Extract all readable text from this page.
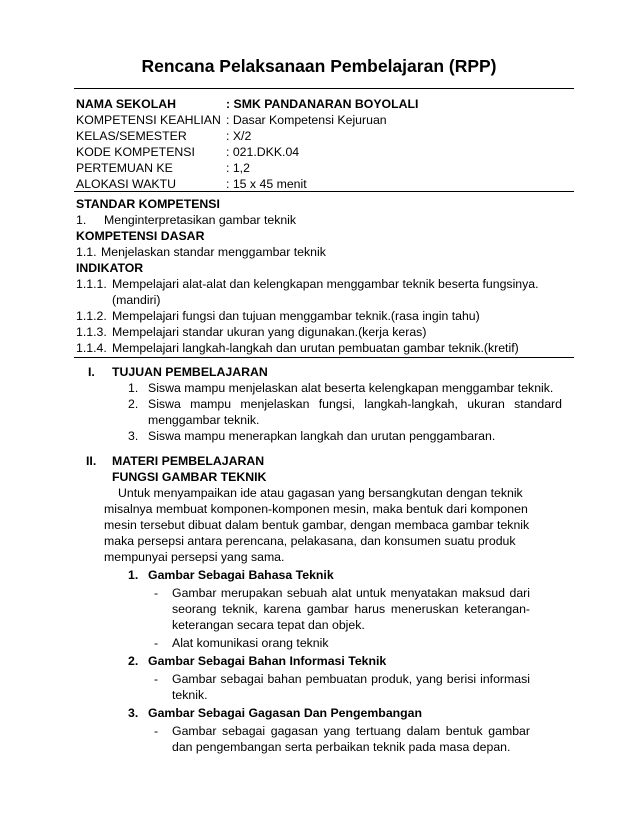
Rencana Pelaksanaan Pembelajaran (RPP)
NAMA SEKOLAH	: SMK PANDANARAN BOYOLALI
KOMPETENSI KEAHLIAN : Dasar Kompetensi Kejuruan
KELAS/SEMESTER	: X/2
KODE KOMPETENSI	: 021.DKK.04
PERTEMUAN KE	: 1,2
ALOKASI WAKTU	: 15 x 45 menit
STANDAR KOMPETENSI
1. Menginterpretasikan gambar teknik
KOMPETENSI DASAR
1.1. Menjelaskan standar menggambar teknik
INDIKATOR
1.1.1. Mempelajari alat-alat dan kelengkapan menggambar teknik beserta fungsinya.
(mandiri)
1.1.2. Mempelajari fungsi dan tujuan menggambar teknik.(rasa ingin tahu)
1.1.3. Mempelajari standar ukuran yang digunakan.(kerja keras)
1.1.4. Mempelajari langkah-langkah dan urutan pembuatan gambar teknik.(kretif)
I. TUJUAN PEMBELAJARAN
1. Siswa mampu menjelaskan alat beserta kelengkapan menggambar teknik.
2. Siswa mampu menjelaskan fungsi, langkah-langkah, ukuran standard
menggambar teknik.
3. Siswa mampu menerapkan langkah dan urutan penggambaran.
II. MATERI PEMBELAJARAN
FUNGSI GAMBAR TEKNIK
Untuk menyampaikan ide atau gagasan yang bersangkutan dengan teknik
misalnya membuat komponen-komponen mesin, maka bentuk dari komponen
mesin tersebut dibuat dalam bentuk gambar, dengan membaca gambar teknik
maka persepsi antara perencana, pelakasana, dan konsumen suatu produk
mempunyai persepsi yang sama.
1. Gambar Sebagai Bahasa Teknik
- Gambar merupakan sebuah alat untuk menyatakan maksud dari
seorang teknik, karena gambar harus meneruskan keterangan-
keterangan secara tepat dan objek.
- Alat komunikasi orang teknik
2. Gambar Sebagai Bahan Informasi Teknik
- Gambar sebagai bahan pembuatan produk, yang berisi informasi
teknik.
3. Gambar Sebagai Gagasan Dan Pengembangan
- Gambar sebagai gagasan yang tertuang dalam bentuk gambar
dan pengembangan serta perbaikan teknik pada masa depan.
